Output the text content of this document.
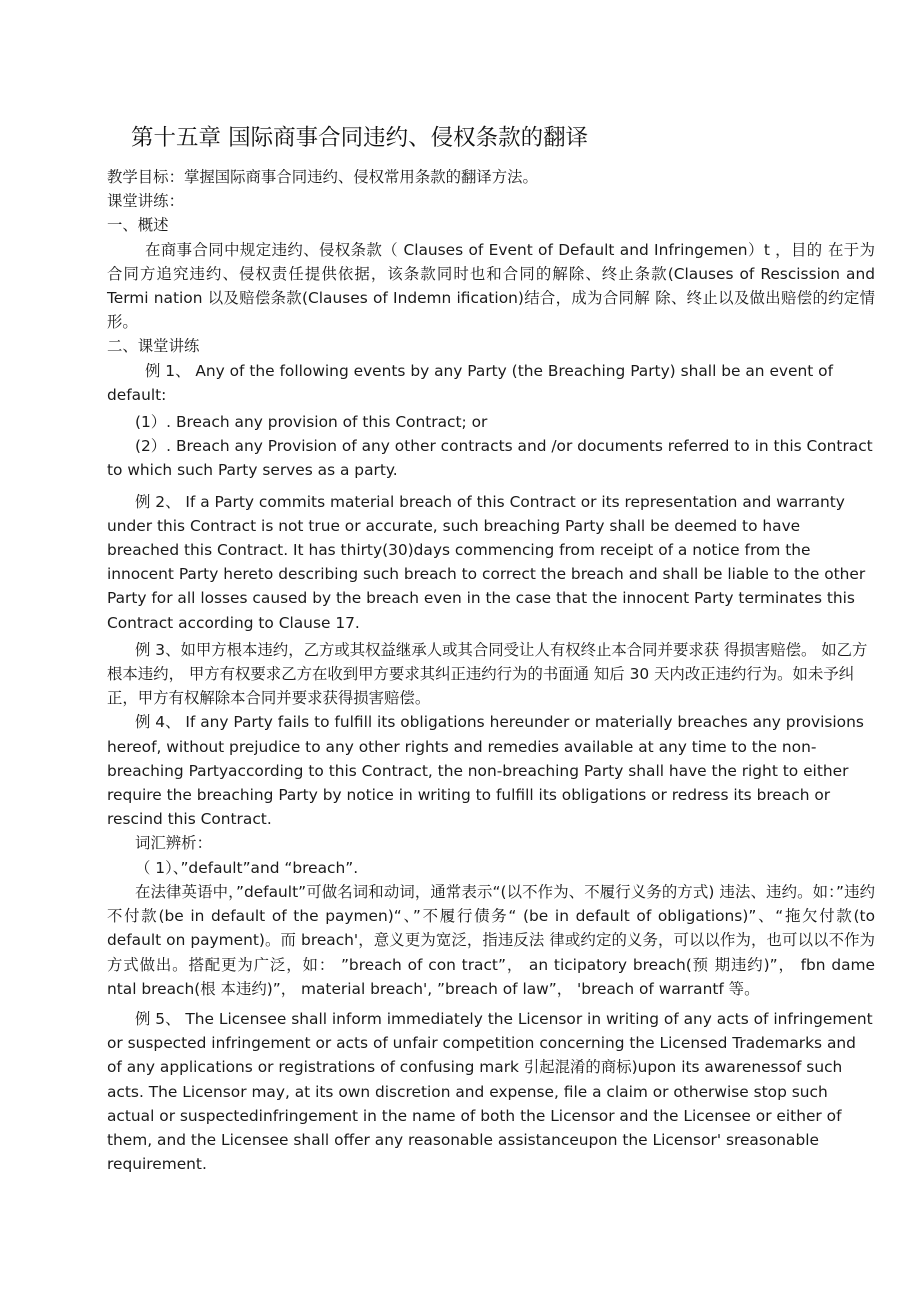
第十五章 国际商事合同违约、侵权条款的翻译

教学目标：掌握国际商事合同违约、侵权常用条款的翻译方法。

课堂讲练：

一、概述

在商事合同中规定违约、侵权条款（ Clauses of Event of Default and Infringemen）t ，目的 在于为合同方追究违约、侵权责任提供依据，该条款同时也和合同的解除、终止条款(Clauses of Rescission and Termi nation 以及赔偿条款(Clauses of Indemn ification)结合，成为合同解 除、终止以及做出赔偿的约定情形。

二、课堂讲练

例 1、 Any of the following events by any Party (the Breaching Party) shall be an event of default:

(1）. Breach any provision of this Contract; or

(2）. Breach any Provision of any other contracts and /or documents referred to in this Contract to which such Party serves as a party.

例 2、 If a Party commits material breach of this Contract or its representation and warranty under this Contract is not true or accurate, such breaching Party shall be deemed to have breached this Contract. It has thirty(30)days commencing from receipt of a notice from the innocent Party hereto describing such breach to correct the breach and shall be liable to the other Party for all losses caused by the breach even in the case that the innocent Party terminates this Contract according to Clause 17.

例 3、如甲方根本违约，乙方或其权益继承人或其合同受让人有权终止本合同并要求获 得损害赔偿。 如乙方根本违约， 甲方有权要求乙方在收到甲方要求其纠正违约行为的书面通 知后 30 天内改正违约行为。如未予纠正，甲方有权解除本合同并要求获得损害赔偿。

例 4、 If any Party fails to fulfill its obligations hereunder or materially breaches any provisions hereof, without prejudice to any other rights and remedies available at any time to the non-breaching Partyaccording to this Contract, the non-breaching Party shall have the right to either require the breaching Party by notice in writing to fulfill its obligations or redress its breach or rescind this Contract.

词汇辨析：

（ 1）、”default”and “breach”.

在法律英语中，”default”可做名词和动词，通常表示“(以不作为、不履行义务的方式) 违法、违约。如：”违约不付款(be in default of the paymen)“、”不履行债务“ (be in default of obligations)”、“拖欠付款(to default on payment)。而 breach'，意义更为宽泛，指违反法 律或约定的义务，可以以作为，也可以以不作为方式做出。搭配更为广泛，如： ”breach of con tract”， an ticipatory breach(预 期违约)”， fbn dame ntal breach(根 本违约)”， material breach', ”breach of law”， 'breach of warrantf 等。

例 5、 The Licensee shall inform immediately the Licensor in writing of any acts of infringement or suspected infringement or acts of unfair competition concerning the Licensed Trademarks and of any applications or registrations of confusing mark 引起混淆的商标)upon its awarenessof such acts. The Licensor may, at its own discretion and expense, file a claim or otherwise stop such actual or suspectedinfringement in the name of both the Licensor and the Licensee or either of them, and the Licensee shall offer any reasonable assistanceupon the Licensor' sreasonable requirement.
